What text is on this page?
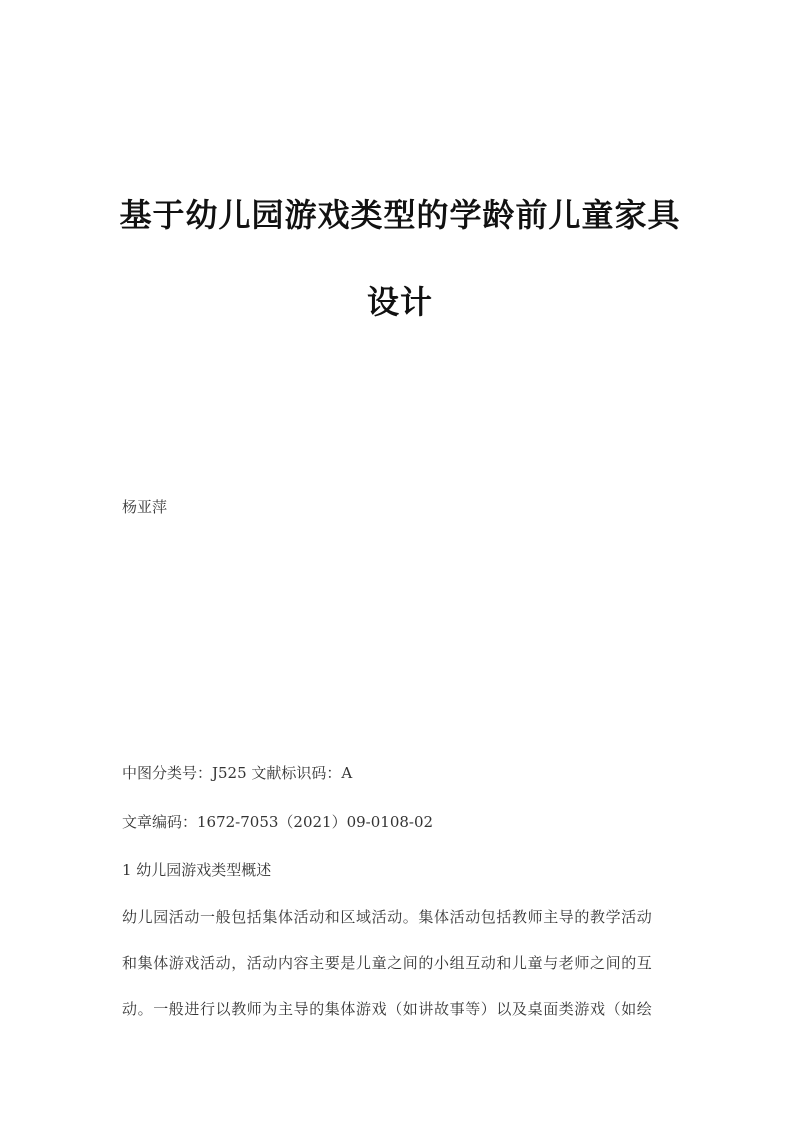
基于幼儿园游戏类型的学龄前儿童家具
设计
杨亚萍
中图分类号：J525 文献标识码：A
文章编码：1672-7053（2021）09-0108-02
1 幼儿园游戏类型概述
幼儿园活动一般包括集体活动和区域活动。集体活动包括教师主导的教学活动
和集体游戏活动，活动内容主要是儿童之间的小组互动和儿童与老师之间的互
动。一般进行以教师为主导的集体游戏（如讲故事等）以及桌面类游戏（如绘
